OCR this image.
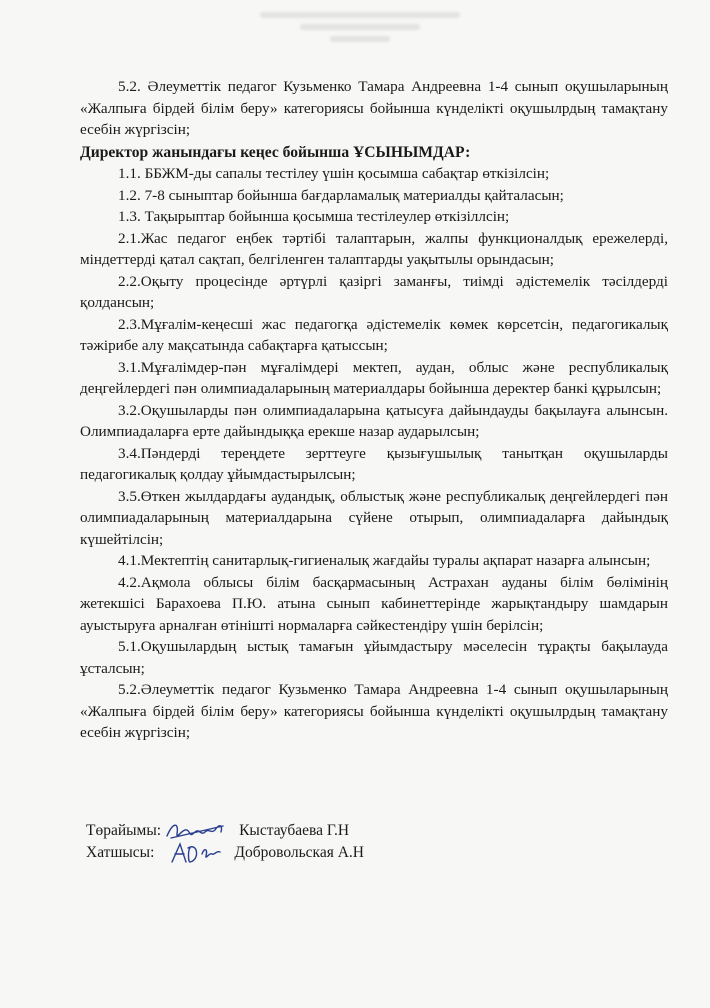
5.2. Әлеуметтік педагог Кузьменко Тамара Андреевна 1-4 сынып оқушыларының «Жалпыға бірдей білім беру» категориясы бойынша күнделікті оқушылрдың тамақтану есебін жүргізсін;

Директор жанындағы кеңес бойынша ҰСЫНЫМДАР:

1.1. ББЖМ-ды сапалы тестілеу үшін қосымша сабақтар өткізілсін;

1.2. 7-8 сыныптар бойынша бағдарламалық материалды қайталасын;

1.3. Тақырыптар бойынша қосымша тестілеулер өткізіллсін;

2.1.Жас педагог еңбек тәртібі талаптарын, жалпы функционалдық ережелерді, міндеттерді қатал сақтап, белгіленген талаптарды уақытылы орындасын;

2.2.Оқыту процесінде әртүрлі қазіргі заманғы, тиімді әдістемелік тәсілдерді қолдансын;

2.3.Мұғалім-кеңесші жас педагогқа әдістемелік көмек көрсетсін, педагогикалық тәжірибе алу мақсатында сабақтарға қатыссын;

3.1.Мұғалімдер-пән мұғалімдері мектеп, аудан, облыс және республикалық деңгейлердегі пән олимпиадаларының материалдары бойынша деректер банкі құрылсын;

3.2.Оқушыларды пән олимпиадаларына қатысуға дайындауды бақылауға алынсын. Олимпиадаларға ерте дайындыққа ерекше назар аударылсын;

3.4.Пәндерді тереңдете зерттеуге қызығушылық танытқан оқушыларды педагогикалық қолдау ұйымдастырылсын;

3.5.Өткен жылдардағы аудандық, облыстық және республикалық деңгейлердегі пән олимпиадаларының материалдарына сүйене отырып, олимпиадаларға дайындық күшейтілсін;

4.1.Мектептің санитарлық-гигиеналық жағдайы туралы ақпарат назарға алынсын;

4.2.Ақмола облысы білім басқармасының Астрахан ауданы білім бөлімінің жетекшісі Барахоева П.Ю. атына сынып кабинеттерінде жарықтандыру шамдарын ауыстыруға арналған өтінішті нормаларға сәйкестендіру үшін берілсін;

5.1.Оқушылардың ыстық тамағын ұйымдастыру мәселесін тұрақты бақылауда ұсталсын;

5.2.Әлеуметтік педагог Кузьменко Тамара Андреевна 1-4 сынып оқушыларының «Жалпыға бірдей білім беру» категориясы бойынша күнделікті оқушылрдың тамақтану есебін жүргізсін;

Төрайымы:	Кыстаубаева Г.Н
Хатшысы:	Добровольская А.Н
